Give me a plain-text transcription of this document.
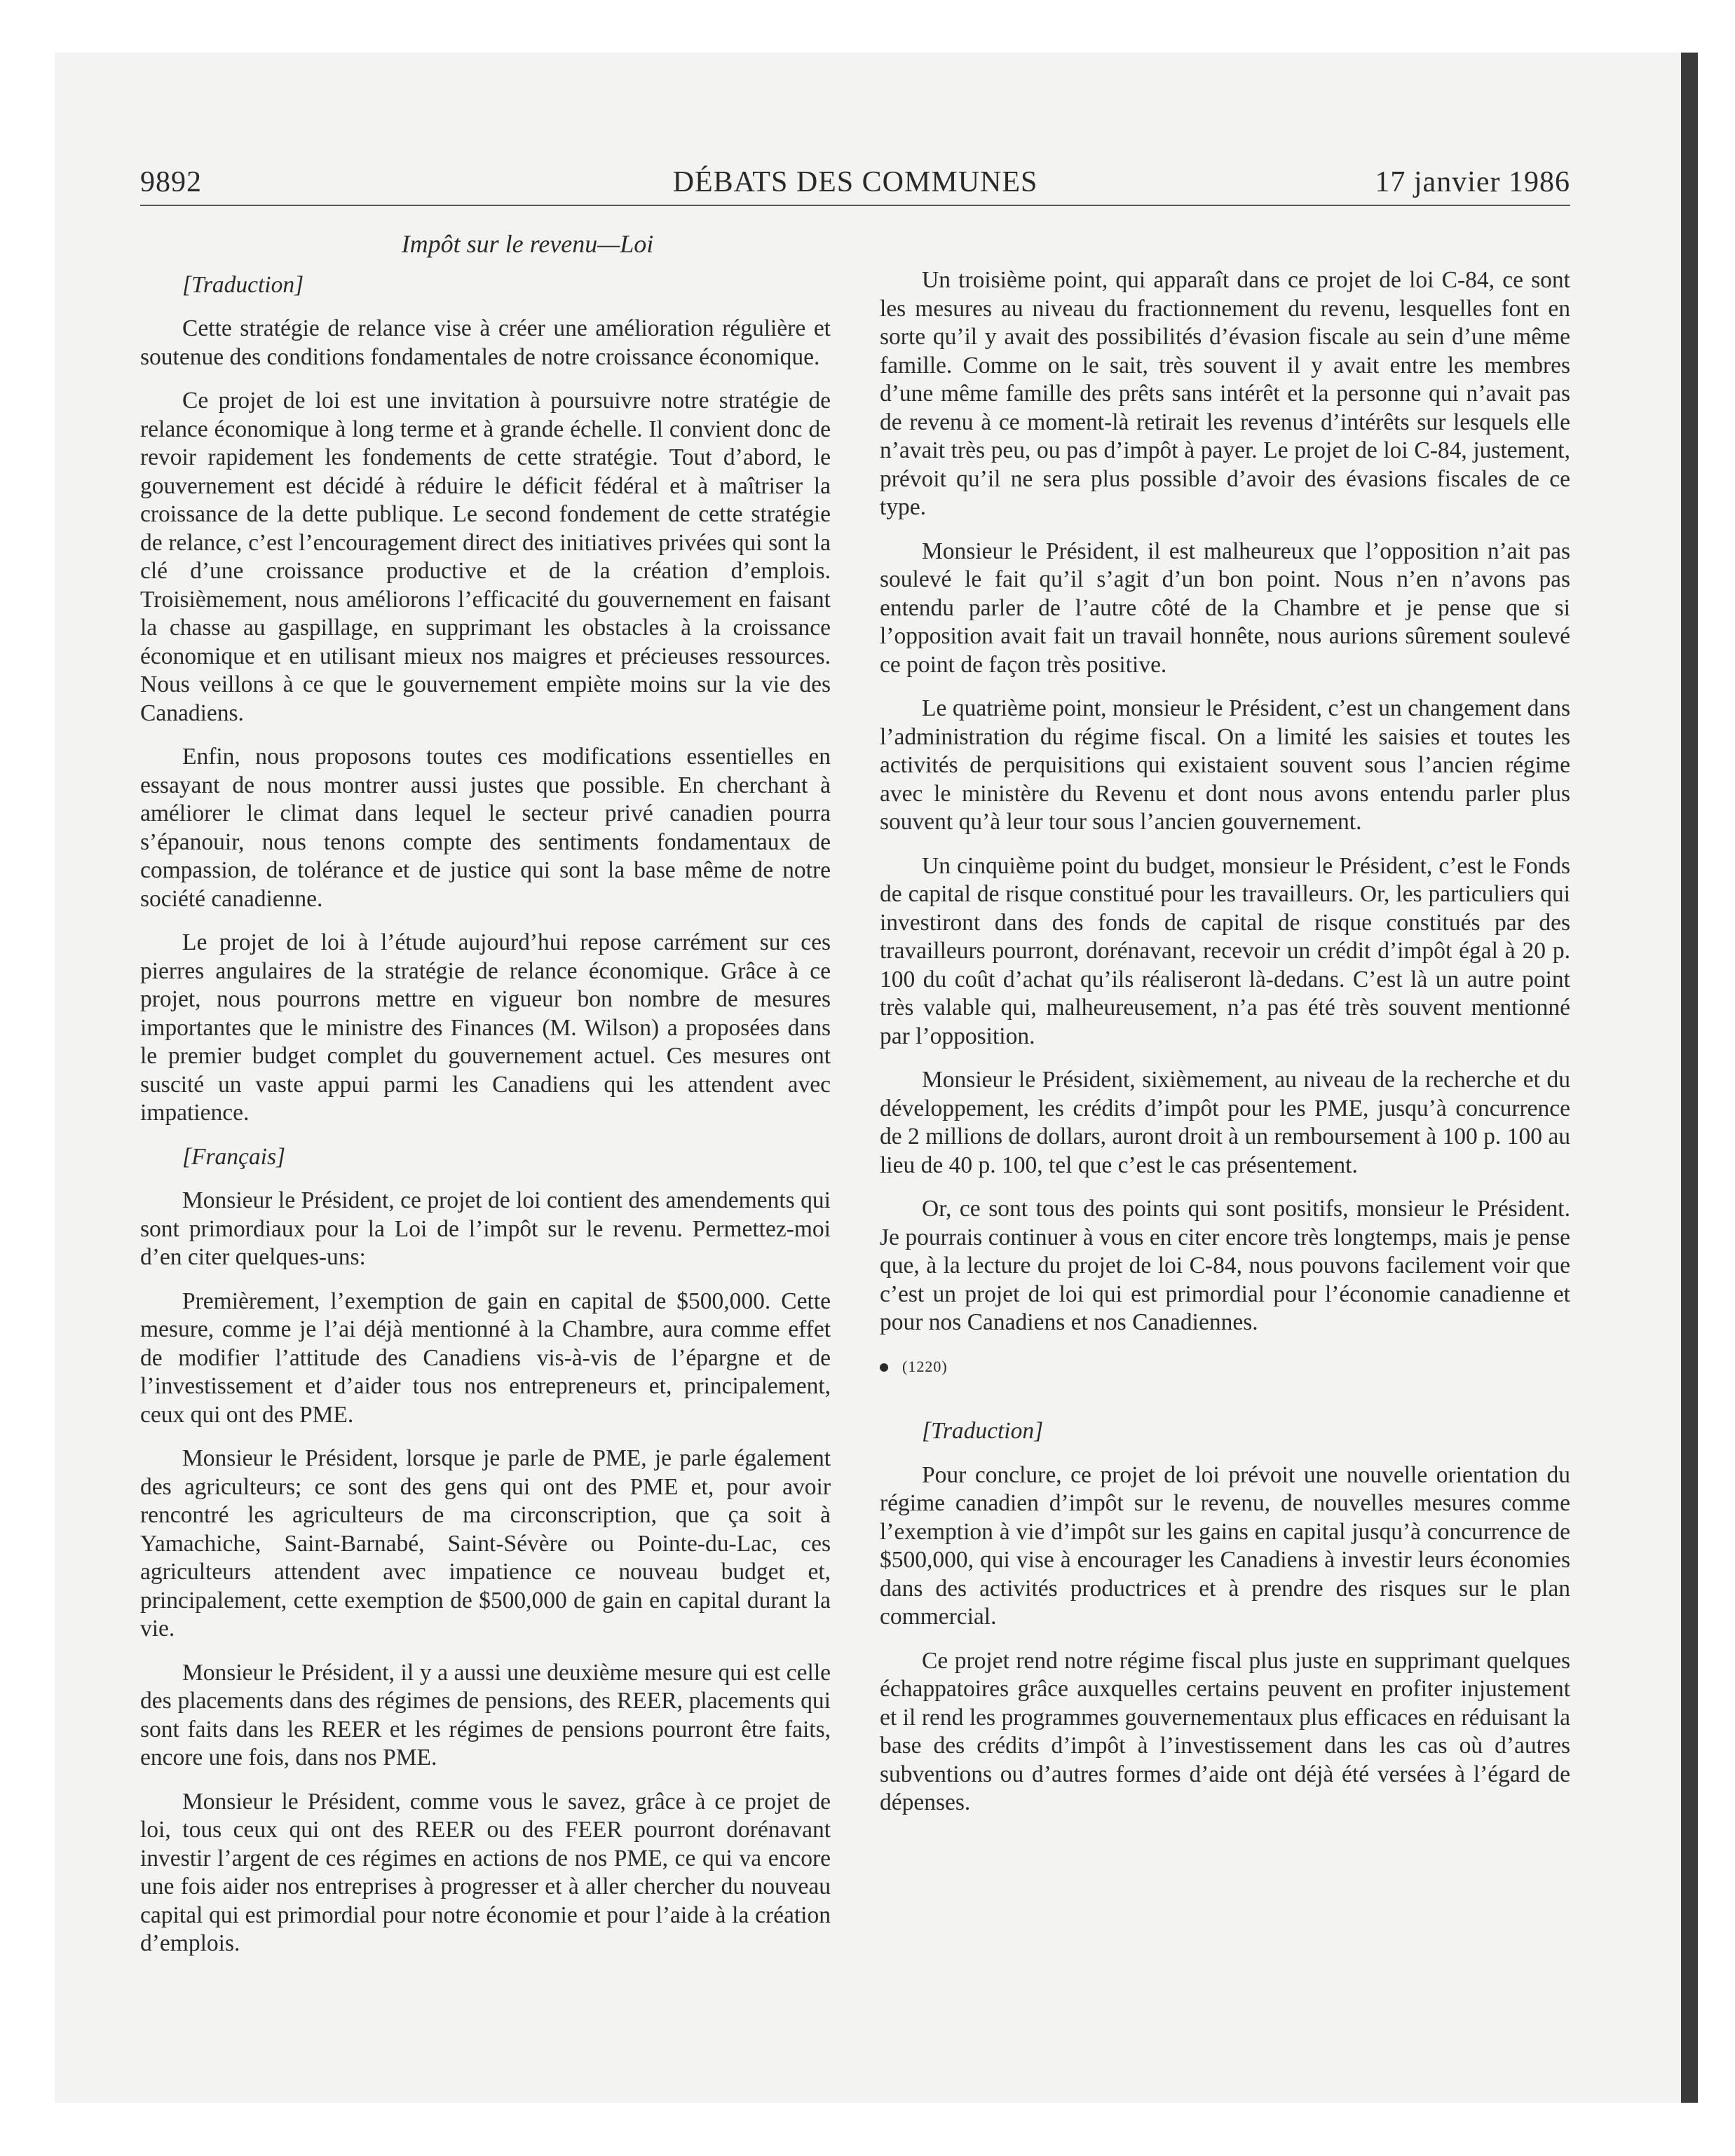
9892	DÉBATS DES COMMUNES	17 janvier 1986
Impôt sur le revenu—Loi

[Traduction]

Cette stratégie de relance vise à créer une amélioration régulière et soutenue des conditions fondamentales de notre croissance économique.

Ce projet de loi est une invitation à poursuivre notre stratégie de relance économique à long terme et à grande échelle. Il convient donc de revoir rapidement les fondements de cette stratégie. Tout d’abord, le gouvernement est décidé à réduire le déficit fédéral et à maîtriser la croissance de la dette publique. Le second fondement de cette stratégie de relance, c’est l’encouragement direct des initiatives privées qui sont la clé d’une croissance productive et de la création d’emplois. Troisièmement, nous améliorons l’efficacité du gouvernement en faisant la chasse au gaspillage, en supprimant les obstacles à la croissance économique et en utilisant mieux nos maigres et précieuses ressources. Nous veillons à ce que le gouvernement empiète moins sur la vie des Canadiens.

Enfin, nous proposons toutes ces modifications essentielles en essayant de nous montrer aussi justes que possible. En cherchant à améliorer le climat dans lequel le secteur privé canadien pourra s’épanouir, nous tenons compte des sentiments fondamentaux de compassion, de tolérance et de justice qui sont la base même de notre société canadienne.

Le projet de loi à l’étude aujourd’hui repose carrément sur ces pierres angulaires de la stratégie de relance économique. Grâce à ce projet, nous pourrons mettre en vigueur bon nombre de mesures importantes que le ministre des Finances (M. Wilson) a proposées dans le premier budget complet du gouvernement actuel. Ces mesures ont suscité un vaste appui parmi les Canadiens qui les attendent avec impatience.

[Français]

Monsieur le Président, ce projet de loi contient des amendements qui sont primordiaux pour la Loi de l’impôt sur le revenu. Permettez-moi d’en citer quelques-uns:

Premièrement, l’exemption de gain en capital de $500,000. Cette mesure, comme je l’ai déjà mentionné à la Chambre, aura comme effet de modifier l’attitude des Canadiens vis-à-vis de l’épargne et de l’investissement et d’aider tous nos entrepreneurs et, principalement, ceux qui ont des PME.

Monsieur le Président, lorsque je parle de PME, je parle également des agriculteurs; ce sont des gens qui ont des PME et, pour avoir rencontré les agriculteurs de ma circonscription, que ça soit à Yamachiche, Saint-Barnabé, Saint-Sévère ou Pointe-du-Lac, ces agriculteurs attendent avec impatience ce nouveau budget et, principalement, cette exemption de $500,000 de gain en capital durant la vie.

Monsieur le Président, il y a aussi une deuxième mesure qui est celle des placements dans des régimes de pensions, des REER, placements qui sont faits dans les REER et les régimes de pensions pourront être faits, encore une fois, dans nos PME.

Monsieur le Président, comme vous le savez, grâce à ce projet de loi, tous ceux qui ont des REER ou des FEER pourront dorénavant investir l’argent de ces régimes en actions de nos PME, ce qui va encore une fois aider nos entreprises à progresser et à aller chercher du nouveau capital qui est primordial pour notre économie et pour l’aide à la création d’emplois.

Un troisième point, qui apparaît dans ce projet de loi C-84, ce sont les mesures au niveau du fractionnement du revenu, lesquelles font en sorte qu’il y avait des possibilités d’évasion fiscale au sein d’une même famille. Comme on le sait, très souvent il y avait entre les membres d’une même famille des prêts sans intérêt et la personne qui n’avait pas de revenu à ce moment-là retirait les revenus d’intérêts sur lesquels elle n’avait très peu, ou pas d’impôt à payer. Le projet de loi C-84, justement, prévoit qu’il ne sera plus possible d’avoir des évasions fiscales de ce type.

Monsieur le Président, il est malheureux que l’opposition n’ait pas soulevé le fait qu’il s’agit d’un bon point. Nous n’en n’avons pas entendu parler de l’autre côté de la Chambre et je pense que si l’opposition avait fait un travail honnête, nous aurions sûrement soulevé ce point de façon très positive.

Le quatrième point, monsieur le Président, c’est un changement dans l’administration du régime fiscal. On a limité les saisies et toutes les activités de perquisitions qui existaient souvent sous l’ancien régime avec le ministère du Revenu et dont nous avons entendu parler plus souvent qu’à leur tour sous l’ancien gouvernement.

Un cinquième point du budget, monsieur le Président, c’est le Fonds de capital de risque constitué pour les travailleurs. Or, les particuliers qui investiront dans des fonds de capital de risque constitués par des travailleurs pourront, dorénavant, recevoir un crédit d’impôt égal à 20 p. 100 du coût d’achat qu’ils réaliseront là-dedans. C’est là un autre point très valable qui, malheureusement, n’a pas été très souvent mentionné par l’opposition.

Monsieur le Président, sixièmement, au niveau de la recherche et du développement, les crédits d’impôt pour les PME, jusqu’à concurrence de 2 millions de dollars, auront droit à un remboursement à 100 p. 100 au lieu de 40 p. 100, tel que c’est le cas présentement.

Or, ce sont tous des points qui sont positifs, monsieur le Président. Je pourrais continuer à vous en citer encore très longtemps, mais je pense que, à la lecture du projet de loi C-84, nous pouvons facilement voir que c’est un projet de loi qui est primordial pour l’économie canadienne et pour nos Canadiens et nos Canadiennes.

(1220)

[Traduction]

Pour conclure, ce projet de loi prévoit une nouvelle orientation du régime canadien d’impôt sur le revenu, de nouvelles mesures comme l’exemption à vie d’impôt sur les gains en capital jusqu’à concurrence de $500,000, qui vise à encourager les Canadiens à investir leurs économies dans des activités productrices et à prendre des risques sur le plan commercial.

Ce projet rend notre régime fiscal plus juste en supprimant quelques échappatoires grâce auxquelles certains peuvent en profiter injustement et il rend les programmes gouvernementaux plus efficaces en réduisant la base des crédits d’impôt à l’investissement dans les cas où d’autres subventions ou d’autres formes d’aide ont déjà été versées à l’égard de dépenses.
